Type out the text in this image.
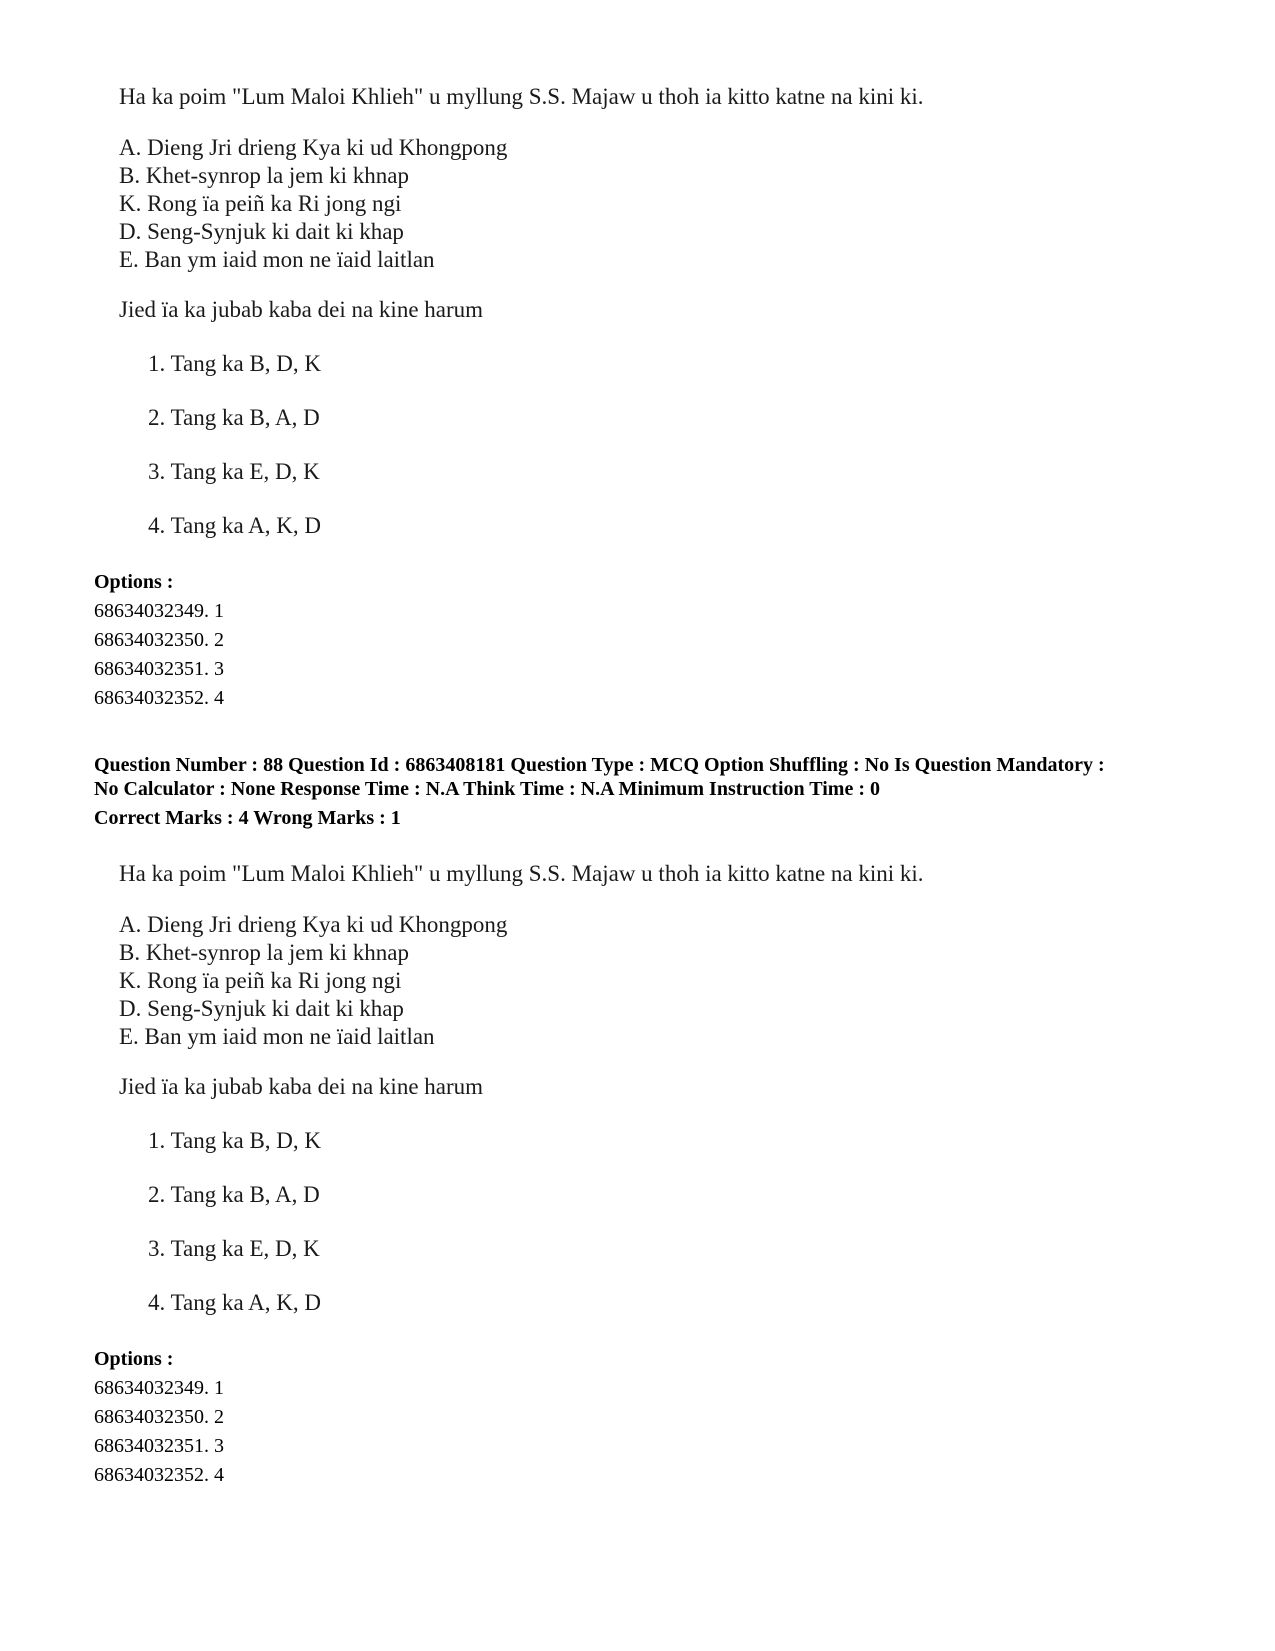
Ha ka poim "Lum Maloi Khlieh" u myllung S.S. Majaw u thoh ia kitto katne na kini ki.
A. Dieng Jri drieng Kya ki ud Khongpong
B. Khet-synrop la jem ki khnap
K. Rong ïa peiñ ka Ri jong ngi
D. Seng-Synjuk ki dait ki khap
E. Ban ym iaid mon ne ïaid laitlan
Jied ïa ka jubab kaba dei na kine harum
1. Tang ka B, D, K
2. Tang ka B, A, D
3. Tang ka E, D, K
4. Tang ka A, K, D
Options :
68634032349. 1
68634032350. 2
68634032351. 3
68634032352. 4
Question Number : 88 Question Id : 6863408181 Question Type : MCQ Option Shuffling : No Is Question Mandatory :
No Calculator : None Response Time : N.A Think Time : N.A Minimum Instruction Time : 0
Correct Marks : 4 Wrong Marks : 1
Ha ka poim "Lum Maloi Khlieh" u myllung S.S. Majaw u thoh ia kitto katne na kini ki.
A. Dieng Jri drieng Kya ki ud Khongpong
B. Khet-synrop la jem ki khnap
K. Rong ïa peiñ ka Ri jong ngi
D. Seng-Synjuk ki dait ki khap
E. Ban ym iaid mon ne ïaid laitlan
Jied ïa ka jubab kaba dei na kine harum
1. Tang ka B, D, K
2. Tang ka B, A, D
3. Tang ka E, D, K
4. Tang ka A, K, D
Options :
68634032349. 1
68634032350. 2
68634032351. 3
68634032352. 4
